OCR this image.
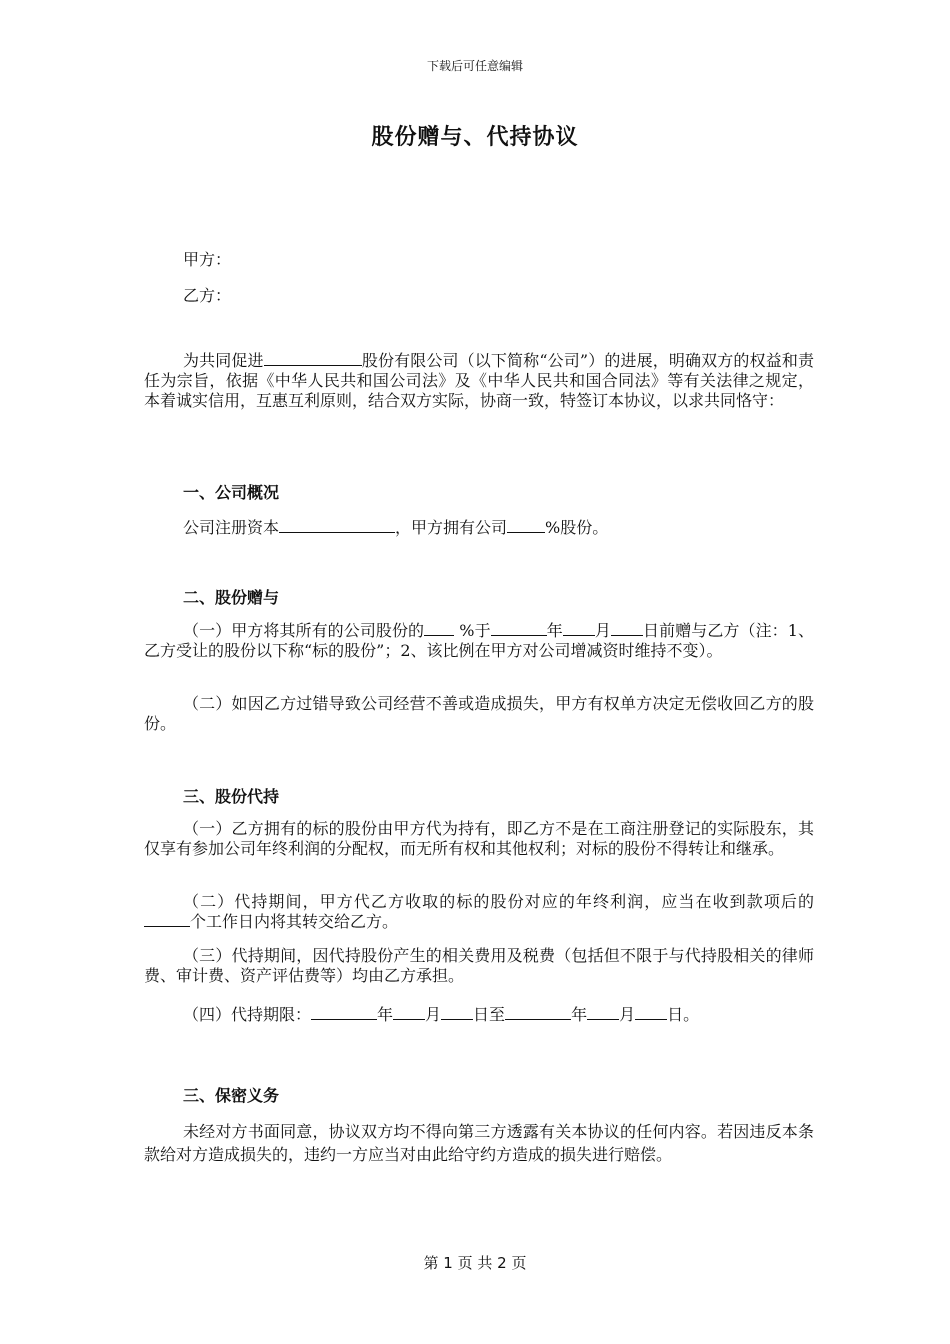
下载后可任意编辑
股份赠与、代持协议
甲方：
乙方：
为共同促进	股份有限公司（以下简称“公司”）的进展，明确双方的权益和责任为宗旨，依据《中华人民共和国公司法》及《中华人民共和国合同法》等有关法律之规定，本着诚实信用，互惠互利原则，结合双方实际，协商一致，特签订本协议，以求共同恪守：
一、公司概况
公司注册资本	，甲方拥有公司 %股份。
二、股份赠与
（一）甲方将其所有的公司股份的 %于	年 月 日前赠与乙方（注：1、乙方受让的股份以下称“标的股份”；2、该比例在甲方对公司增减资时维持不变）。
（二）如因乙方过错导致公司经营不善或造成损失，甲方有权单方决定无偿收回乙方的股份。
三、股份代持
（一）乙方拥有的标的股份由甲方代为持有，即乙方不是在工商注册登记的实际股东，其仅享有参加公司年终利润的分配权，而无所有权和其他权利；对标的股份不得转让和继承。
（二）代持期间，甲方代乙方收取的标的股份对应的年终利润，应当在收到款项后的个工作日内将其转交给乙方。
（三）代持期间，因代持股份产生的相关费用及税费（包括但不限于与代持股相关的律师费、审计费、资产评估费等）均由乙方承担。
（四）代持期限：	年 月 日至	年 月 日。
三、保密义务
未经对方书面同意，协议双方均不得向第三方透露有关本协议的任何内容。若因违反本条款给对方造成损失的，违约一方应当对由此给守约方造成的损失进行赔偿。
第 1 页 共 2 页
